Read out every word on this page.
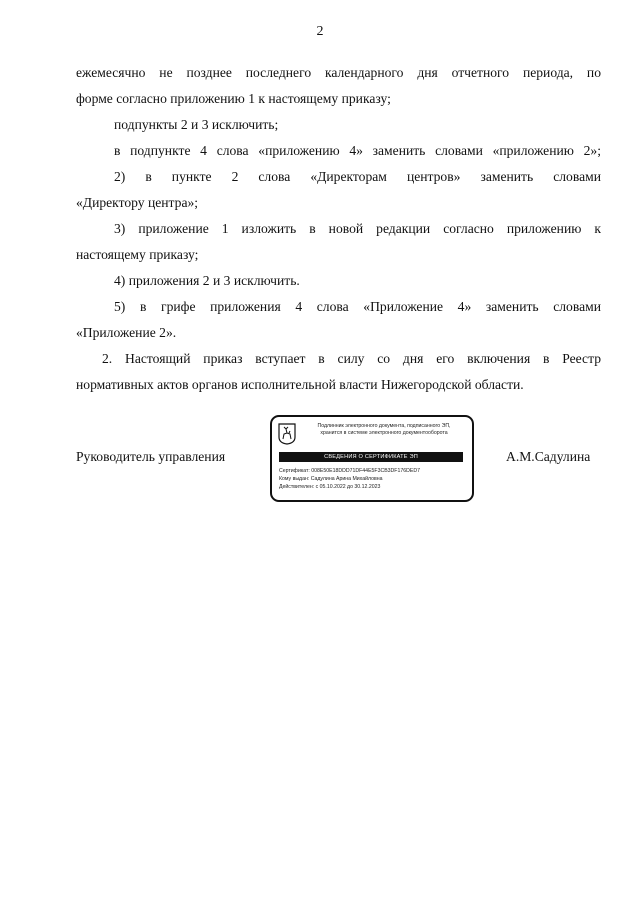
2
ежемесячно не позднее последнего календарного дня отчетного периода, по
форме согласно приложению 1 к настоящему приказу;
подпункты 2 и 3 исключить;
в подпункте 4 слова «приложению 4» заменить словами «приложению 2»;
2) в пункте 2 слова «Директорам центров» заменить словами
«Директору центра»;
3) приложение 1 изложить в новой редакции согласно приложению к
настоящему приказу;
4) приложения 2 и 3 исключить.
5) в грифе приложения 4 слова «Приложение 4» заменить словами
«Приложение 2».
2. Настоящий приказ вступает в силу со дня его включения в Реестр
нормативных актов органов исполнительной власти Нижегородской области.
Руководитель управления	А.М.Садулина
Подлинник электронного документа, подписанного ЭП,
хранится в системе электронного документооборота
СВЕДЕНИЯ О СЕРТИФИКАТЕ ЭП
Сертификат: 008E50E18DDD71DF44E5F3CB3DF176DED7
Кому выдан: Садулина Арина Михайловна
Действителен: с 05.10.2022 до 30.12.2023
